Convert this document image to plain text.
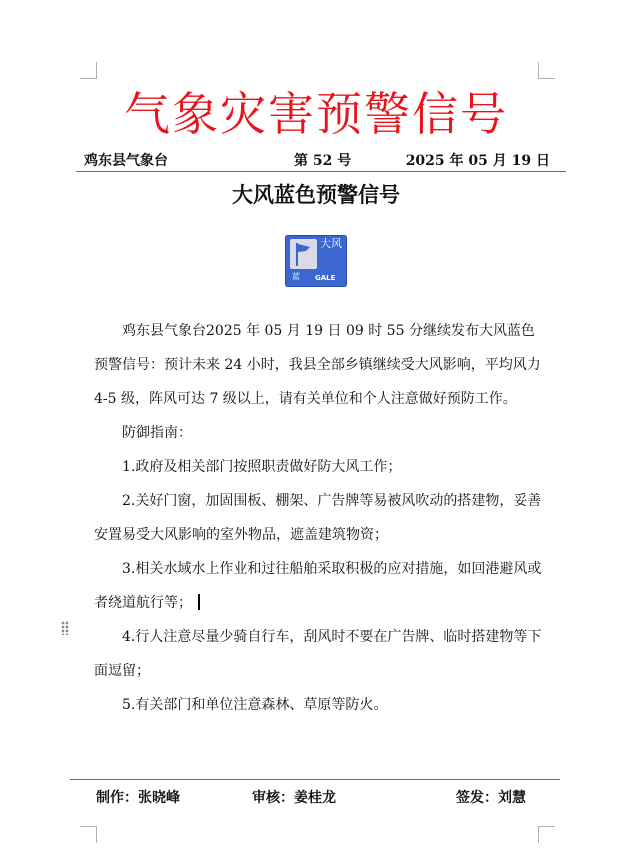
气象灾害预警信号
鸡东县气象台	第 52 号	2025 年 05 月 19 日
大风蓝色预警信号
大风
蓝 GALE

鸡东县气象台2025 年 05 月 19 日 09 时 55 分继续发布大风蓝色预警信号：预计未来 24 小时，我县全部乡镇继续受大风影响，平均风力 4-5 级，阵风可达 7 级以上，请有关单位和个人注意做好预防工作。

防御指南：

1.政府及相关部门按照职责做好防大风工作；

2.关好门窗，加固围板、棚架、广告牌等易被风吹动的搭建物，妥善安置易受大风影响的室外物品，遮盖建筑物资；

3.相关水域水上作业和过往船舶采取积极的应对措施，如回港避风或者绕道航行等；

4.行人注意尽量少骑自行车，刮风时不要在广告牌、临时搭建物等下面逗留；

5.有关部门和单位注意森林、草原等防火。

制作：张晓峰	审核：姜桂龙	签发：刘慧
